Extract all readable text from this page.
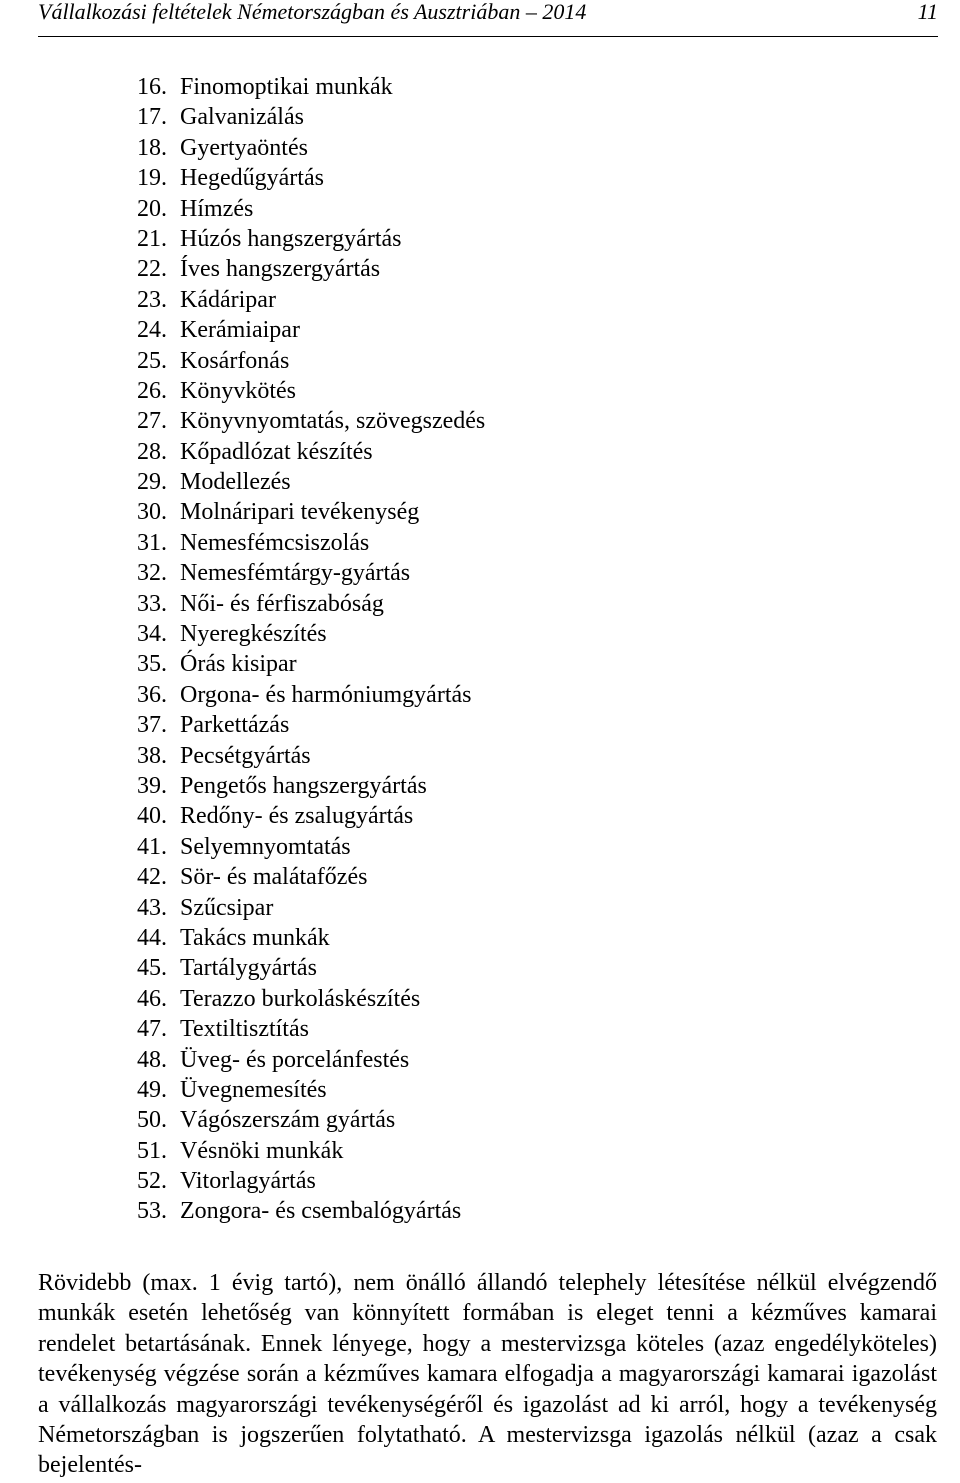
Vállalkozási feltételek Németországban és Ausztriában – 2014	11
16. Finomoptikai munkák
17. Galvanizálás
18. Gyertyaöntés
19. Hegedűgyártás
20. Hímzés
21. Húzós hangszergyártás
22. Íves hangszergyártás
23. Kádáripar
24. Kerámiaipar
25. Kosárfonás
26. Könyvkötés
27. Könyvnyomtatás, szövegszedés
28. Kőpadlózat készítés
29. Modellezés
30. Molnáripari tevékenység
31. Nemesfémcsiszolás
32. Nemesfémtárgy-gyártás
33. Női- és férfiszabóság
34. Nyeregkészítés
35. Órás kisipar
36. Orgona- és harmóniumgyártás
37. Parkettázás
38. Pecsétgyártás
39. Pengetős hangszergyártás
40. Redőny- és zsalugyártás
41. Selyemnyomtatás
42. Sör- és malátafőzés
43. Szűcsipar
44. Takács munkák
45. Tartálygyártás
46. Terazzo burkoláskészítés
47. Textiltisztítás
48. Üveg- és porcelánfestés
49. Üvegnemesítés
50. Vágószerszám gyártás
51. Vésnöki munkák
52. Vitorlagyártás
53. Zongora- és csembalógyártás

Rövidebb (max. 1 évig tartó), nem önálló állandó telephely létesítése nélkül elvégzendő munkák esetén lehetőség van könnyített formában is eleget tenni a kézműves kamarai rendelet betartásának. Ennek lényege, hogy a mestervizsga köteles (azaz engedélyköteles) tevékenység végzése során a kézműves kamara elfogadja a magyarországi kamarai igazolást a vállalkozás magyarországi tevékenységéről és igazolást ad ki arról, hogy a tevékenység Németországban is jogszerűen folytatható. A mestervizsga igazolás nélkül (azaz a csak bejelentés-
